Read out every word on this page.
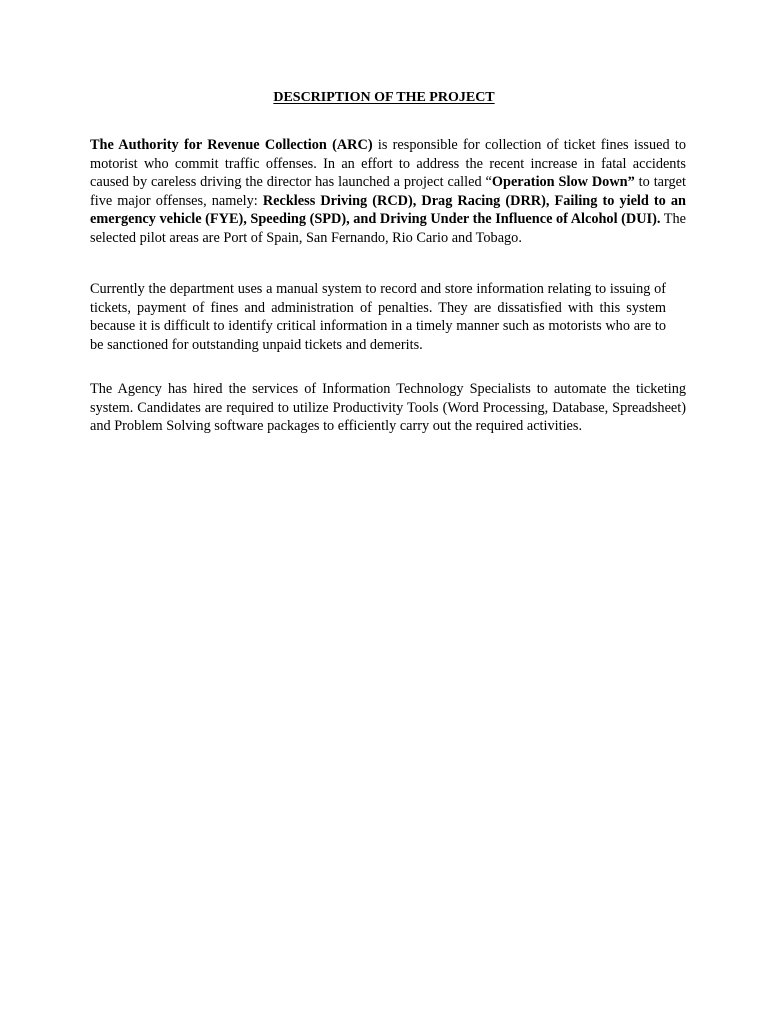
DESCRIPTION OF THE PROJECT

The Authority for Revenue Collection (ARC) is responsible for collection of ticket fines issued to motorist who commit traffic offenses. In an effort to address the recent increase in fatal accidents caused by careless driving the director has launched a project called “Operation Slow Down” to target five major offenses, namely: Reckless Driving (RCD), Drag Racing (DRR), Failing to yield to an emergency vehicle (FYE), Speeding (SPD), and Driving Under the Influence of Alcohol (DUI). The selected pilot areas are Port of Spain, San Fernando, Rio Cario and Tobago.

Currently the department uses a manual system to record and store information relating to issuing of tickets, payment of fines and administration of penalties. They are dissatisfied with this system because it is difficult to identify critical information in a timely manner such as motorists who are to be sanctioned for outstanding unpaid tickets and demerits.

The Agency has hired the services of Information Technology Specialists to automate the ticketing system. Candidates are required to utilize Productivity Tools (Word Processing, Database, Spreadsheet) and Problem Solving software packages to efficiently carry out the required activities.
